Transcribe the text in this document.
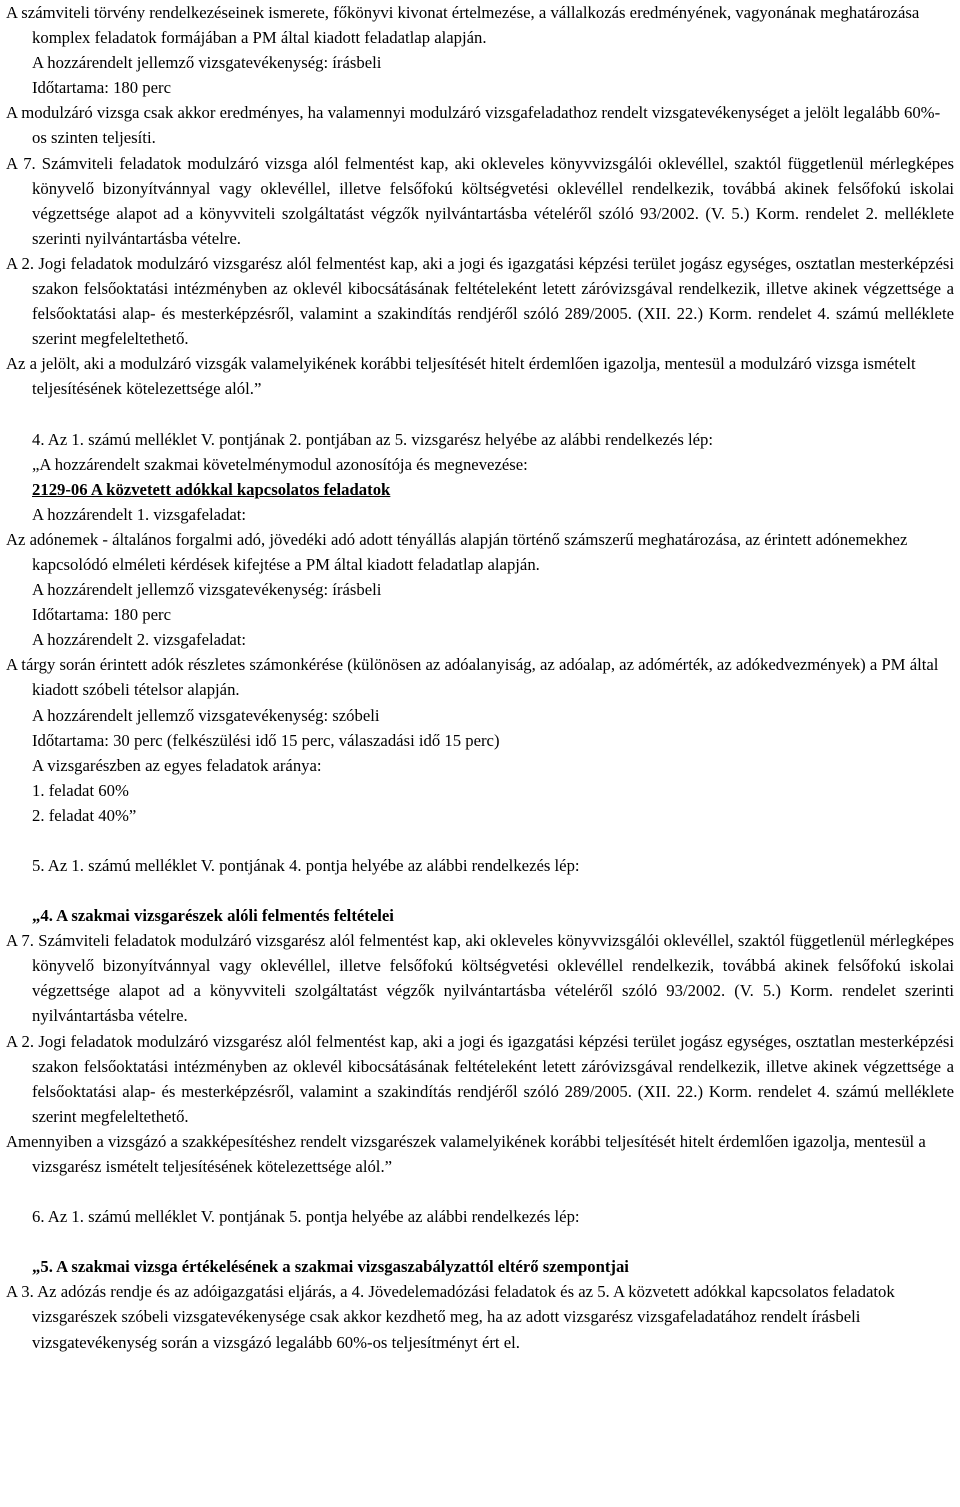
A számviteli törvény rendelkezéseinek ismerete, főkönyvi kivonat értelmezése, a vállalkozás eredményének, vagyonának meghatározása komplex feladatok formájában a PM által kiadott feladatlap alapján.

A hozzárendelt jellemző vizsgatevékenység: írásbeli

Időtartama: 180 perc

A modulzáró vizsga csak akkor eredményes, ha valamennyi modulzáró vizsgafeladathoz rendelt vizsgatevékenységet a jelölt legalább 60%-os szinten teljesíti.

A 7. Számviteli feladatok modulzáró vizsga alól felmentést kap, aki okleveles könyvvizsgálói oklevéllel, szaktól függetlenül mérlegképes könyvelő bizonyítvánnyal vagy oklevéllel, illetve felsőfokú költségvetési oklevéllel rendelkezik, továbbá akinek felsőfokú iskolai végzettsége alapot ad a könyvviteli szolgáltatást végzők nyilvántartásba vételéről szóló 93/2002. (V. 5.) Korm. rendelet 2. melléklete szerinti nyilvántartásba vételre.

A 2. Jogi feladatok modulzáró vizsgarész alól felmentést kap, aki a jogi és igazgatási képzési terület jogász egységes, osztatlan mesterképzési szakon felsőoktatási intézményben az oklevél kibocsátásának feltételeként letett záróvizsgával rendelkezik, illetve akinek végzettsége a felsőoktatási alap- és mesterképzésről, valamint a szakindítás rendjéről szóló 289/2005. (XII. 22.) Korm. rendelet 4. számú melléklete szerint megfeleltethető.

Az a jelölt, aki a modulzáró vizsgák valamelyikének korábbi teljesítését hitelt érdemlően igazolja, mentesül a modulzáró vizsga ismételt teljesítésének kötelezettsége alól.”

4. Az 1. számú melléklet V. pontjának 2. pontjában az 5. vizsgarész helyébe az alábbi rendelkezés lép:

„A hozzárendelt szakmai követelménymodul azonosítója és megnevezése:

2129-06 A közvetett adókkal kapcsolatos feladatok

A hozzárendelt 1. vizsgafeladat:

Az adónemek - általános forgalmi adó, jövedéki adó adott tényállás alapján történő számszerű meghatározása, az érintett adónemekhez kapcsolódó elméleti kérdések kifejtése a PM által kiadott feladatlap alapján.

A hozzárendelt jellemző vizsgatevékenység: írásbeli

Időtartama: 180 perc

A hozzárendelt 2. vizsgafeladat:

A tárgy során érintett adók részletes számonkérése (különösen az adóalanyiság, az adóalap, az adómérték, az adókedvezmények) a PM által kiadott szóbeli tételsor alapján.

A hozzárendelt jellemző vizsgatevékenység: szóbeli

Időtartama: 30 perc (felkészülési idő 15 perc, válaszadási idő 15 perc)

A vizsgarészben az egyes feladatok aránya:

1. feladat 60%

2. feladat 40%”

5. Az 1. számú melléklet V. pontjának 4. pontja helyébe az alábbi rendelkezés lép:

„4. A szakmai vizsgarészek alóli felmentés feltételei

A 7. Számviteli feladatok modulzáró vizsgarész alól felmentést kap, aki okleveles könyvvizsgálói oklevéllel, szaktól függetlenül mérlegképes könyvelő bizonyítvánnyal vagy oklevéllel, illetve felsőfokú költségvetési oklevéllel rendelkezik, továbbá akinek felsőfokú iskolai végzettsége alapot ad a könyvviteli szolgáltatást végzők nyilvántartásba vételéről szóló 93/2002. (V. 5.) Korm. rendelet szerinti nyilvántartásba vételre.

A 2. Jogi feladatok modulzáró vizsgarész alól felmentést kap, aki a jogi és igazgatási képzési terület jogász egységes, osztatlan mesterképzési szakon felsőoktatási intézményben az oklevél kibocsátásának feltételeként letett záróvizsgával rendelkezik, illetve akinek végzettsége a felsőoktatási alap- és mesterképzésről, valamint a szakindítás rendjéről szóló 289/2005. (XII. 22.) Korm. rendelet 4. számú melléklete szerint megfeleltethető.

Amennyiben a vizsgázó a szakképesítéshez rendelt vizsgarészek valamelyikének korábbi teljesítését hitelt érdemlően igazolja, mentesül a vizsgarész ismételt teljesítésének kötelezettsége alól.”

6. Az 1. számú melléklet V. pontjának 5. pontja helyébe az alábbi rendelkezés lép:

„5. A szakmai vizsga értékelésének a szakmai vizsgaszabályzattól eltérő szempontjai

A 3. Az adózás rendje és az adóigazgatási eljárás, a 4. Jövedelemadózási feladatok és az 5. A közvetett adókkal kapcsolatos feladatok vizsgarészek szóbeli vizsgatevékenysége csak akkor kezdhető meg, ha az adott vizsgarész vizsgafeladatához rendelt írásbeli vizsgatevékenység során a vizsgázó legalább 60%-os teljesítményt ért el.
